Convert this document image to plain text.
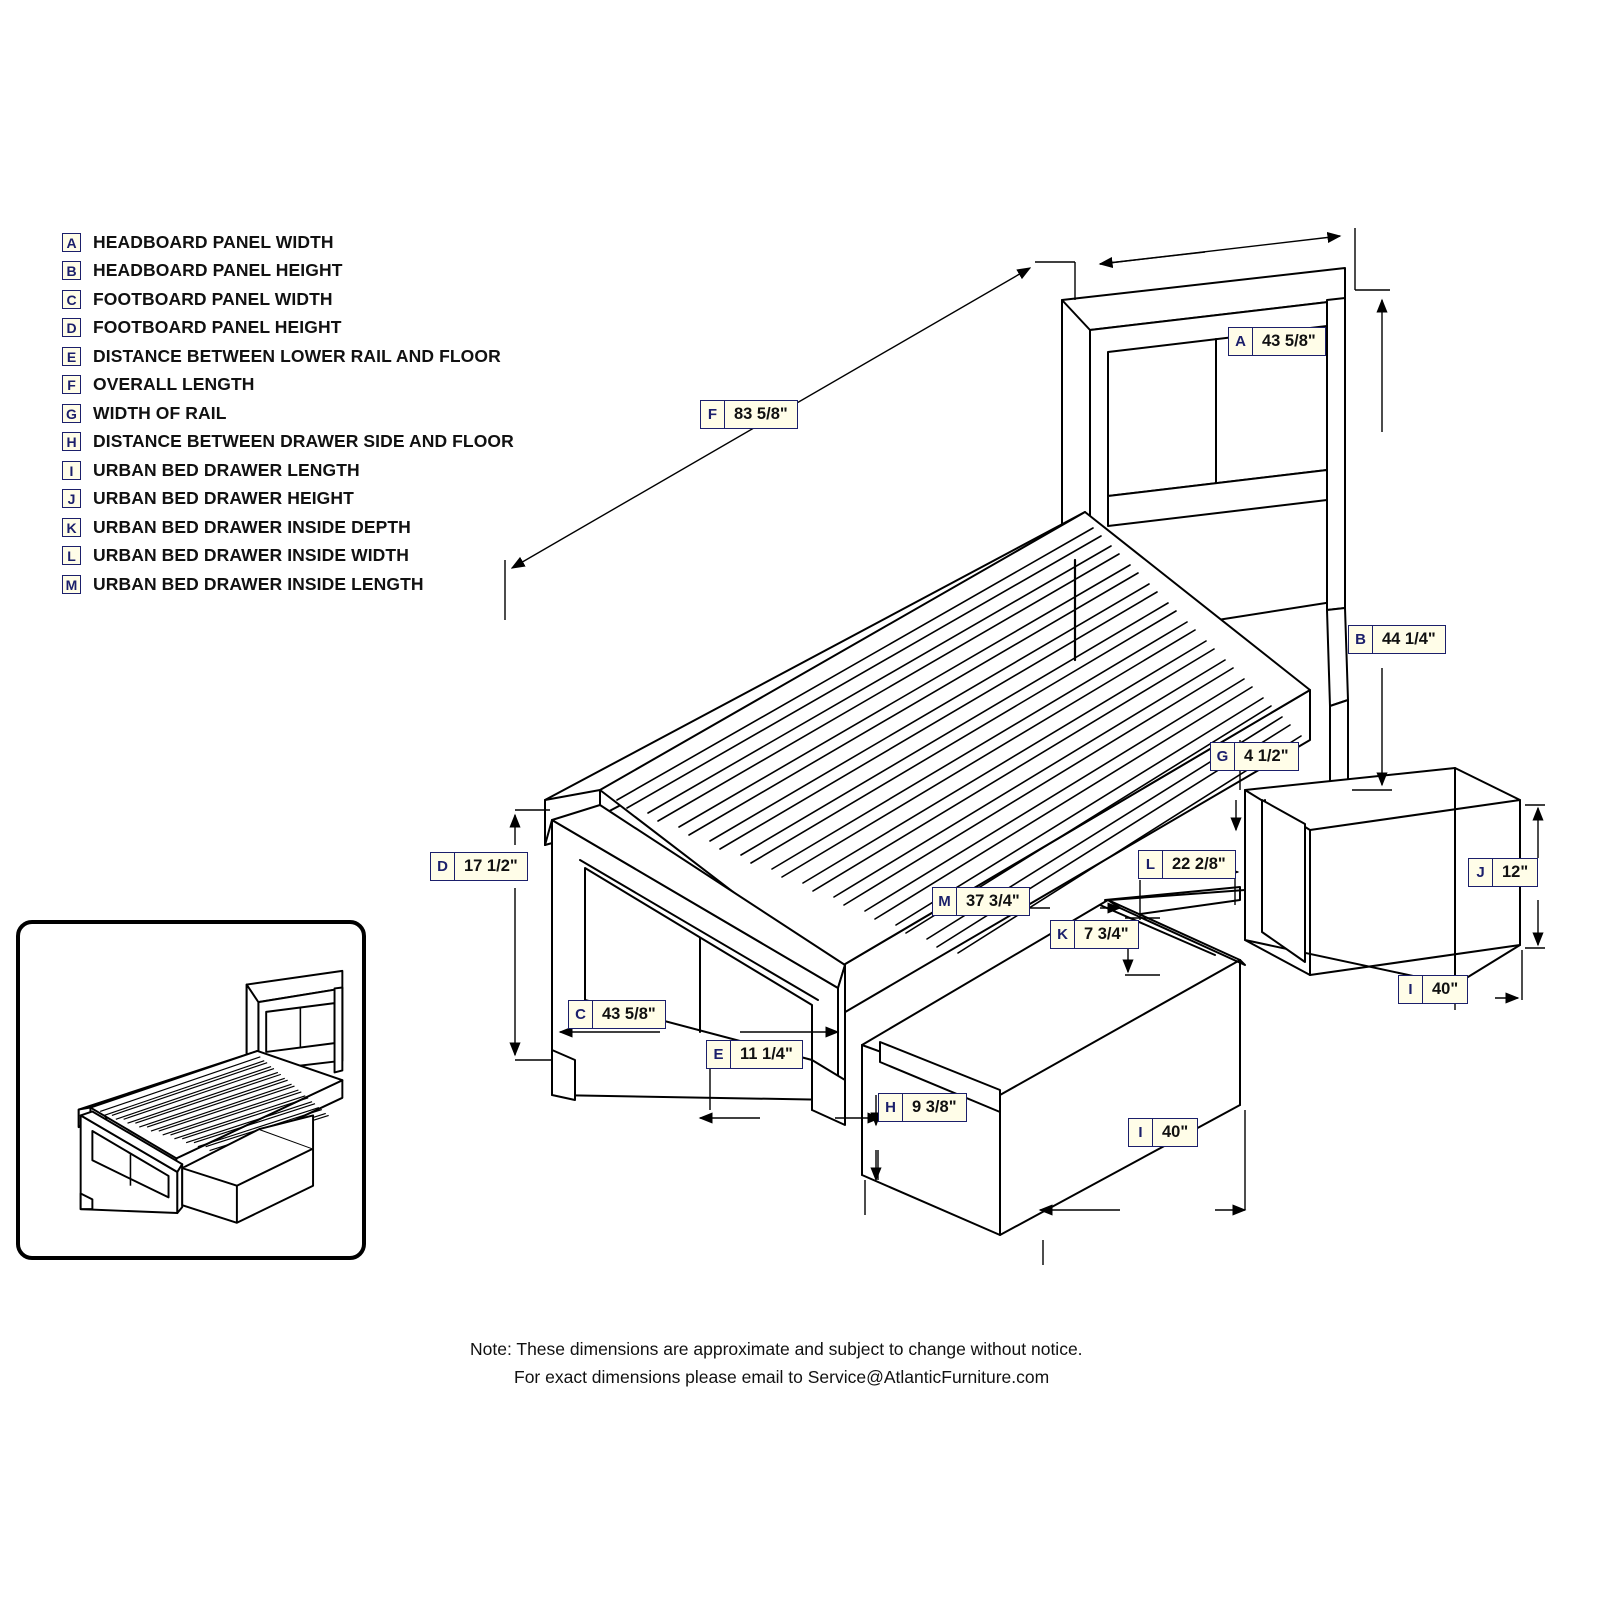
A HEADBOARD PANEL WIDTH
B HEADBOARD PANEL HEIGHT
C FOOTBOARD PANEL WIDTH
D FOOTBOARD PANEL HEIGHT
E DISTANCE BETWEEN LOWER RAIL AND FLOOR
F OVERALL LENGTH
G WIDTH OF RAIL
H DISTANCE BETWEEN DRAWER SIDE AND FLOOR
I	URBAN BED DRAWER LENGTH
J	URBAN BED DRAWER HEIGHT
K URBAN BED DRAWER INSIDE DEPTH
L URBAN BED DRAWER INSIDE WIDTH
M URBAN BED DRAWER INSIDE LENGTH
A 43 5/8"
F	83 5/8"
B 44 1/4"
G 4 1/2"
D 17 1/2"	L	22 2/8"	J	12"
M 37 3/4"
K 7 3/4"
I	40"
C 43 5/8"
E	11 1/4"
H 9 3/8"
I	40"
Note: These dimensions are approximate and subject to change without notice.
For exact dimensions please email to Service@AtlanticFurniture.com
